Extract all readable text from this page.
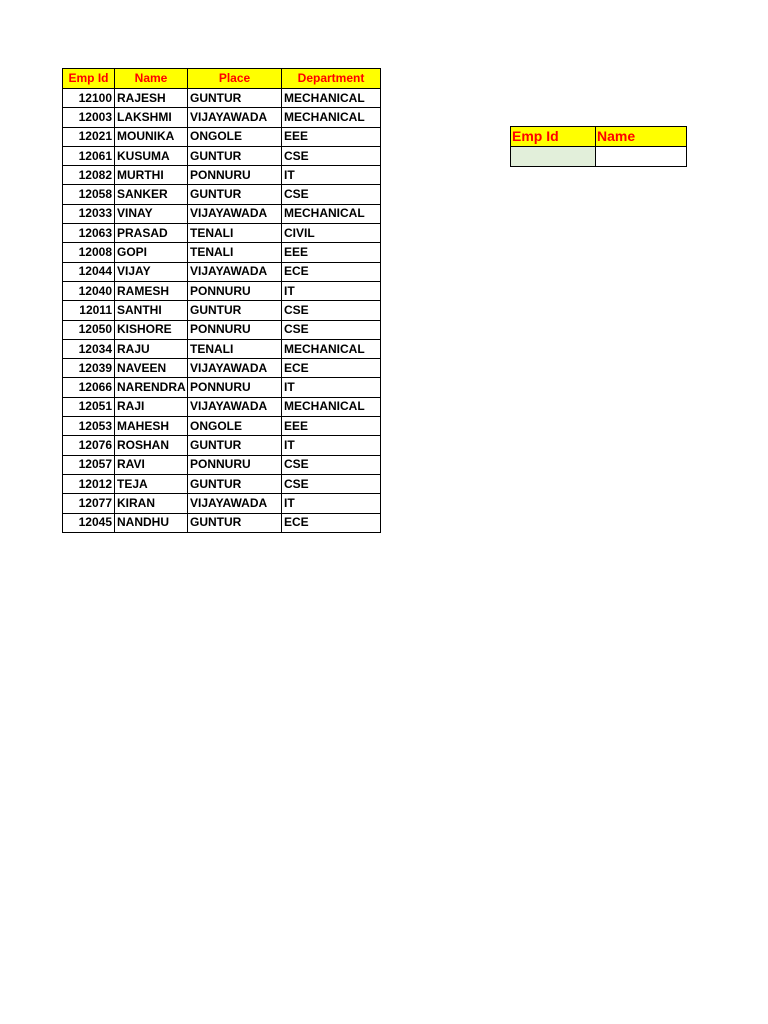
Emp Id	Name	Place	Department
12100	RAJESH	GUNTUR	MECHANICAL
12003	LAKSHMI	VIJAYAWADA	MECHANICAL
12021	MOUNIKA	ONGOLE	EEE
12061	KUSUMA	GUNTUR	CSE
12082	MURTHI	PONNURU	IT
12058	SANKER	GUNTUR	CSE
12033	VINAY	VIJAYAWADA	MECHANICAL
12063	PRASAD	TENALI	CIVIL
12008	GOPI	TENALI	EEE
12044	VIJAY	VIJAYAWADA	ECE
12040	RAMESH	PONNURU	IT
12011	SANTHI	GUNTUR	CSE
12050	KISHORE	PONNURU	CSE
12034	RAJU	TENALI	MECHANICAL
12039	NAVEEN	VIJAYAWADA	ECE
12066	NARENDRA	PONNURU	IT
12051	RAJI	VIJAYAWADA	MECHANICAL
12053	MAHESH	ONGOLE	EEE
12076	ROSHAN	GUNTUR	IT
12057	RAVI	PONNURU	CSE
12012	TEJA	GUNTUR	CSE
12077	KIRAN	VIJAYAWADA	IT
12045	NANDHU	GUNTUR	ECE
Emp Id	Name
